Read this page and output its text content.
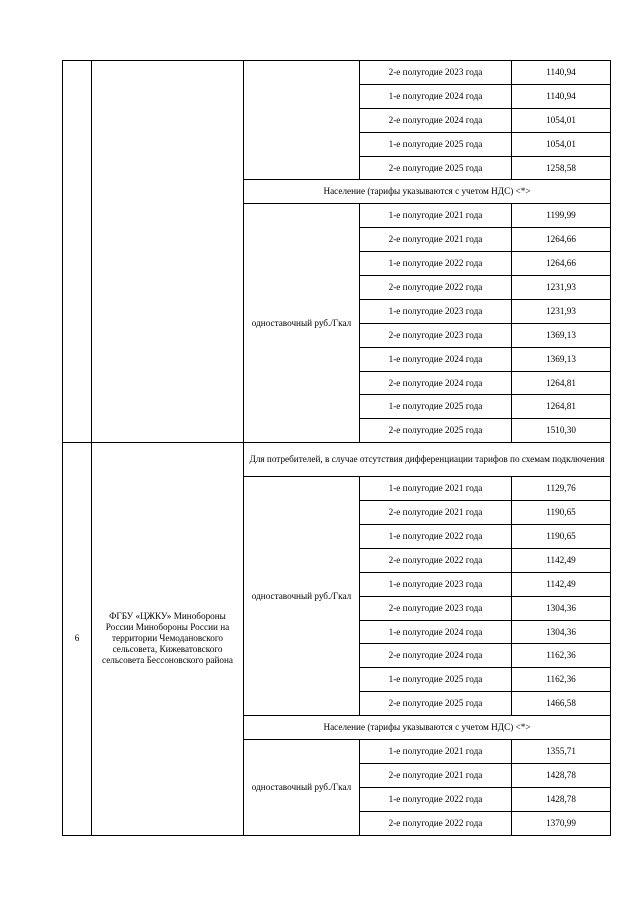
			2-е полугодие 2023 года	1140,94
			1-е полугодие 2024 года	1140,94
			2-е полугодие 2024 года	1054,01
			1-е полугодие 2025 года	1054,01
			2-е полугодие 2025 года	1258,58
		Население (тарифы указываются с учетом НДС) <*>		
		одноставочный руб./Гкал	1-е полугодие 2021 года	1199,99
			2-е полугодие 2021 года	1264,66
			1-е полугодие 2022 года	1264,66
			2-е полугодие 2022 года	1231,93
			1-е полугодие 2023 года	1231,93
			2-е полугодие 2023 года	1369,13
			1-е полугодие 2024 года	1369,13
			2-е полугодие 2024 года	1264,81
			1-е полугодие 2025 года	1264,81
			2-е полугодие 2025 года	1510,30
6	ФГБУ «ЦЖКУ» Минобороны России Минобороны России на территории Чемодановского сельсовета, Кижеватовского сельсовета Бессоновского района	Для потребителей, в случае отсутствия дифференциации тарифов по схемам подключения		
		одноставочный руб./Гкал	1-е полугодие 2021 года	1129,76
			2-е полугодие 2021 года	1190,65
			1-е полугодие 2022 года	1190,65
			2-е полугодие 2022 года	1142,49
			1-е полугодие 2023 года	1142,49
			2-е полугодие 2023 года	1304,36
			1-е полугодие 2024 года	1304,36
			2-е полугодие 2024 года	1162,36
			1-е полугодие 2025 года	1162,36
			2-е полугодие 2025 года	1466,58
		Население (тарифы указываются с учетом НДС) <*>		
		одноставочный руб./Гкал	1-е полугодие 2021 года	1355,71
			2-е полугодие 2021 года	1428,78
			1-е полугодие 2022 года	1428,78
			2-е полугодие 2022 года	1370,99
